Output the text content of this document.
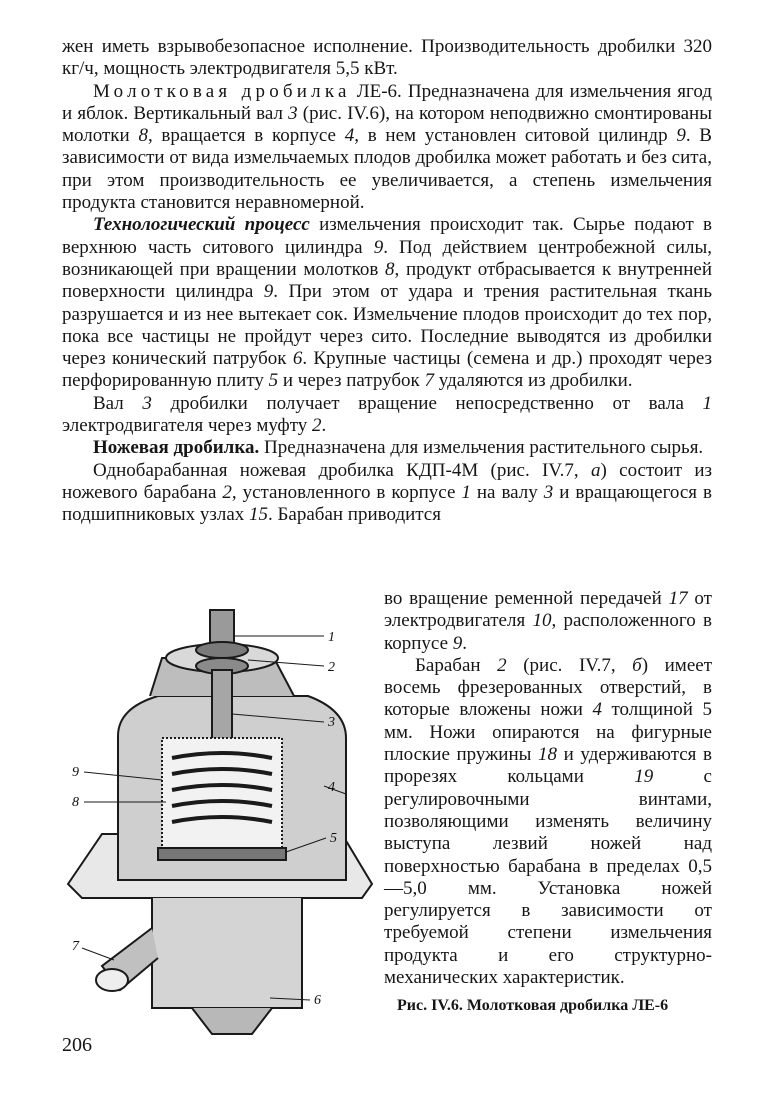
жен иметь взрывобезопасное исполнение. Производительность дробилки 320 кг/ч, мощность электродвигателя 5,5 кВт.

Молотковая дробилка ЛЕ-6. Предназначена для измельчения ягод и яблок. Вертикальный вал 3 (рис. IV.6), на котором неподвижно смонтированы молотки 8, вращается в корпусе 4, в нем установлен ситовой цилиндр 9. В зависимости от вида измельчаемых плодов дробилка может работать и без сита, при этом производительность ее увеличивается, а степень измельчения продукта становится неравномерной.

Технологический процесс измельчения происходит так. Сырье подают в верхнюю часть ситового цилиндра 9. Под действием центробежной силы, возникающей при вращении молотков 8, продукт отбрасывается к внутренней поверхности цилиндра 9. При этом от удара и трения растительная ткань разрушается и из нее вытекает сок. Измельчение плодов происходит до тех пор, пока все частицы не пройдут через сито. Последние выводятся из дробилки через конический патрубок 6. Крупные частицы (семена и др.) проходят через перфорированную плиту 5 и через патрубок 7 удаляются из дробилки.

Вал 3 дробилки получает вращение непосредственно от вала 1 электродвигателя через муфту 2.

Ножевая дробилка. Предназначена для измельчения растительного сырья.

Однобарабанная ножевая дробилка КДП-4М (рис. IV.7, а) состоит из ножевого барабана 2, установленного в корпусе 1 на валу 3 и вращающегося в подшипниковых узлах 15. Барабан приводится

1
2
3
4
5
6
7
8
9

во вращение ременной передачей 17 от электродвигателя 10, расположенного в корпусе 9.

Барабан 2 (рис. IV.7, б) имеет восемь фрезерованных отверстий, в которые вложены ножи 4 толщиной 5 мм. Ножи опираются на фигурные плоские пружины 18 и удерживаются в прорезях кольцами 19 с регулировочными винтами, позволяющими изменять величину выступа лезвий ножей над поверхностью барабана в пределах 0,5—5,0 мм. Установка ножей регулируется в зависимости от требуемой степени измельчения продукта и его структурно-механических характеристик.

Рис. IV.6. Молотковая дробилка ЛЕ-6
206
